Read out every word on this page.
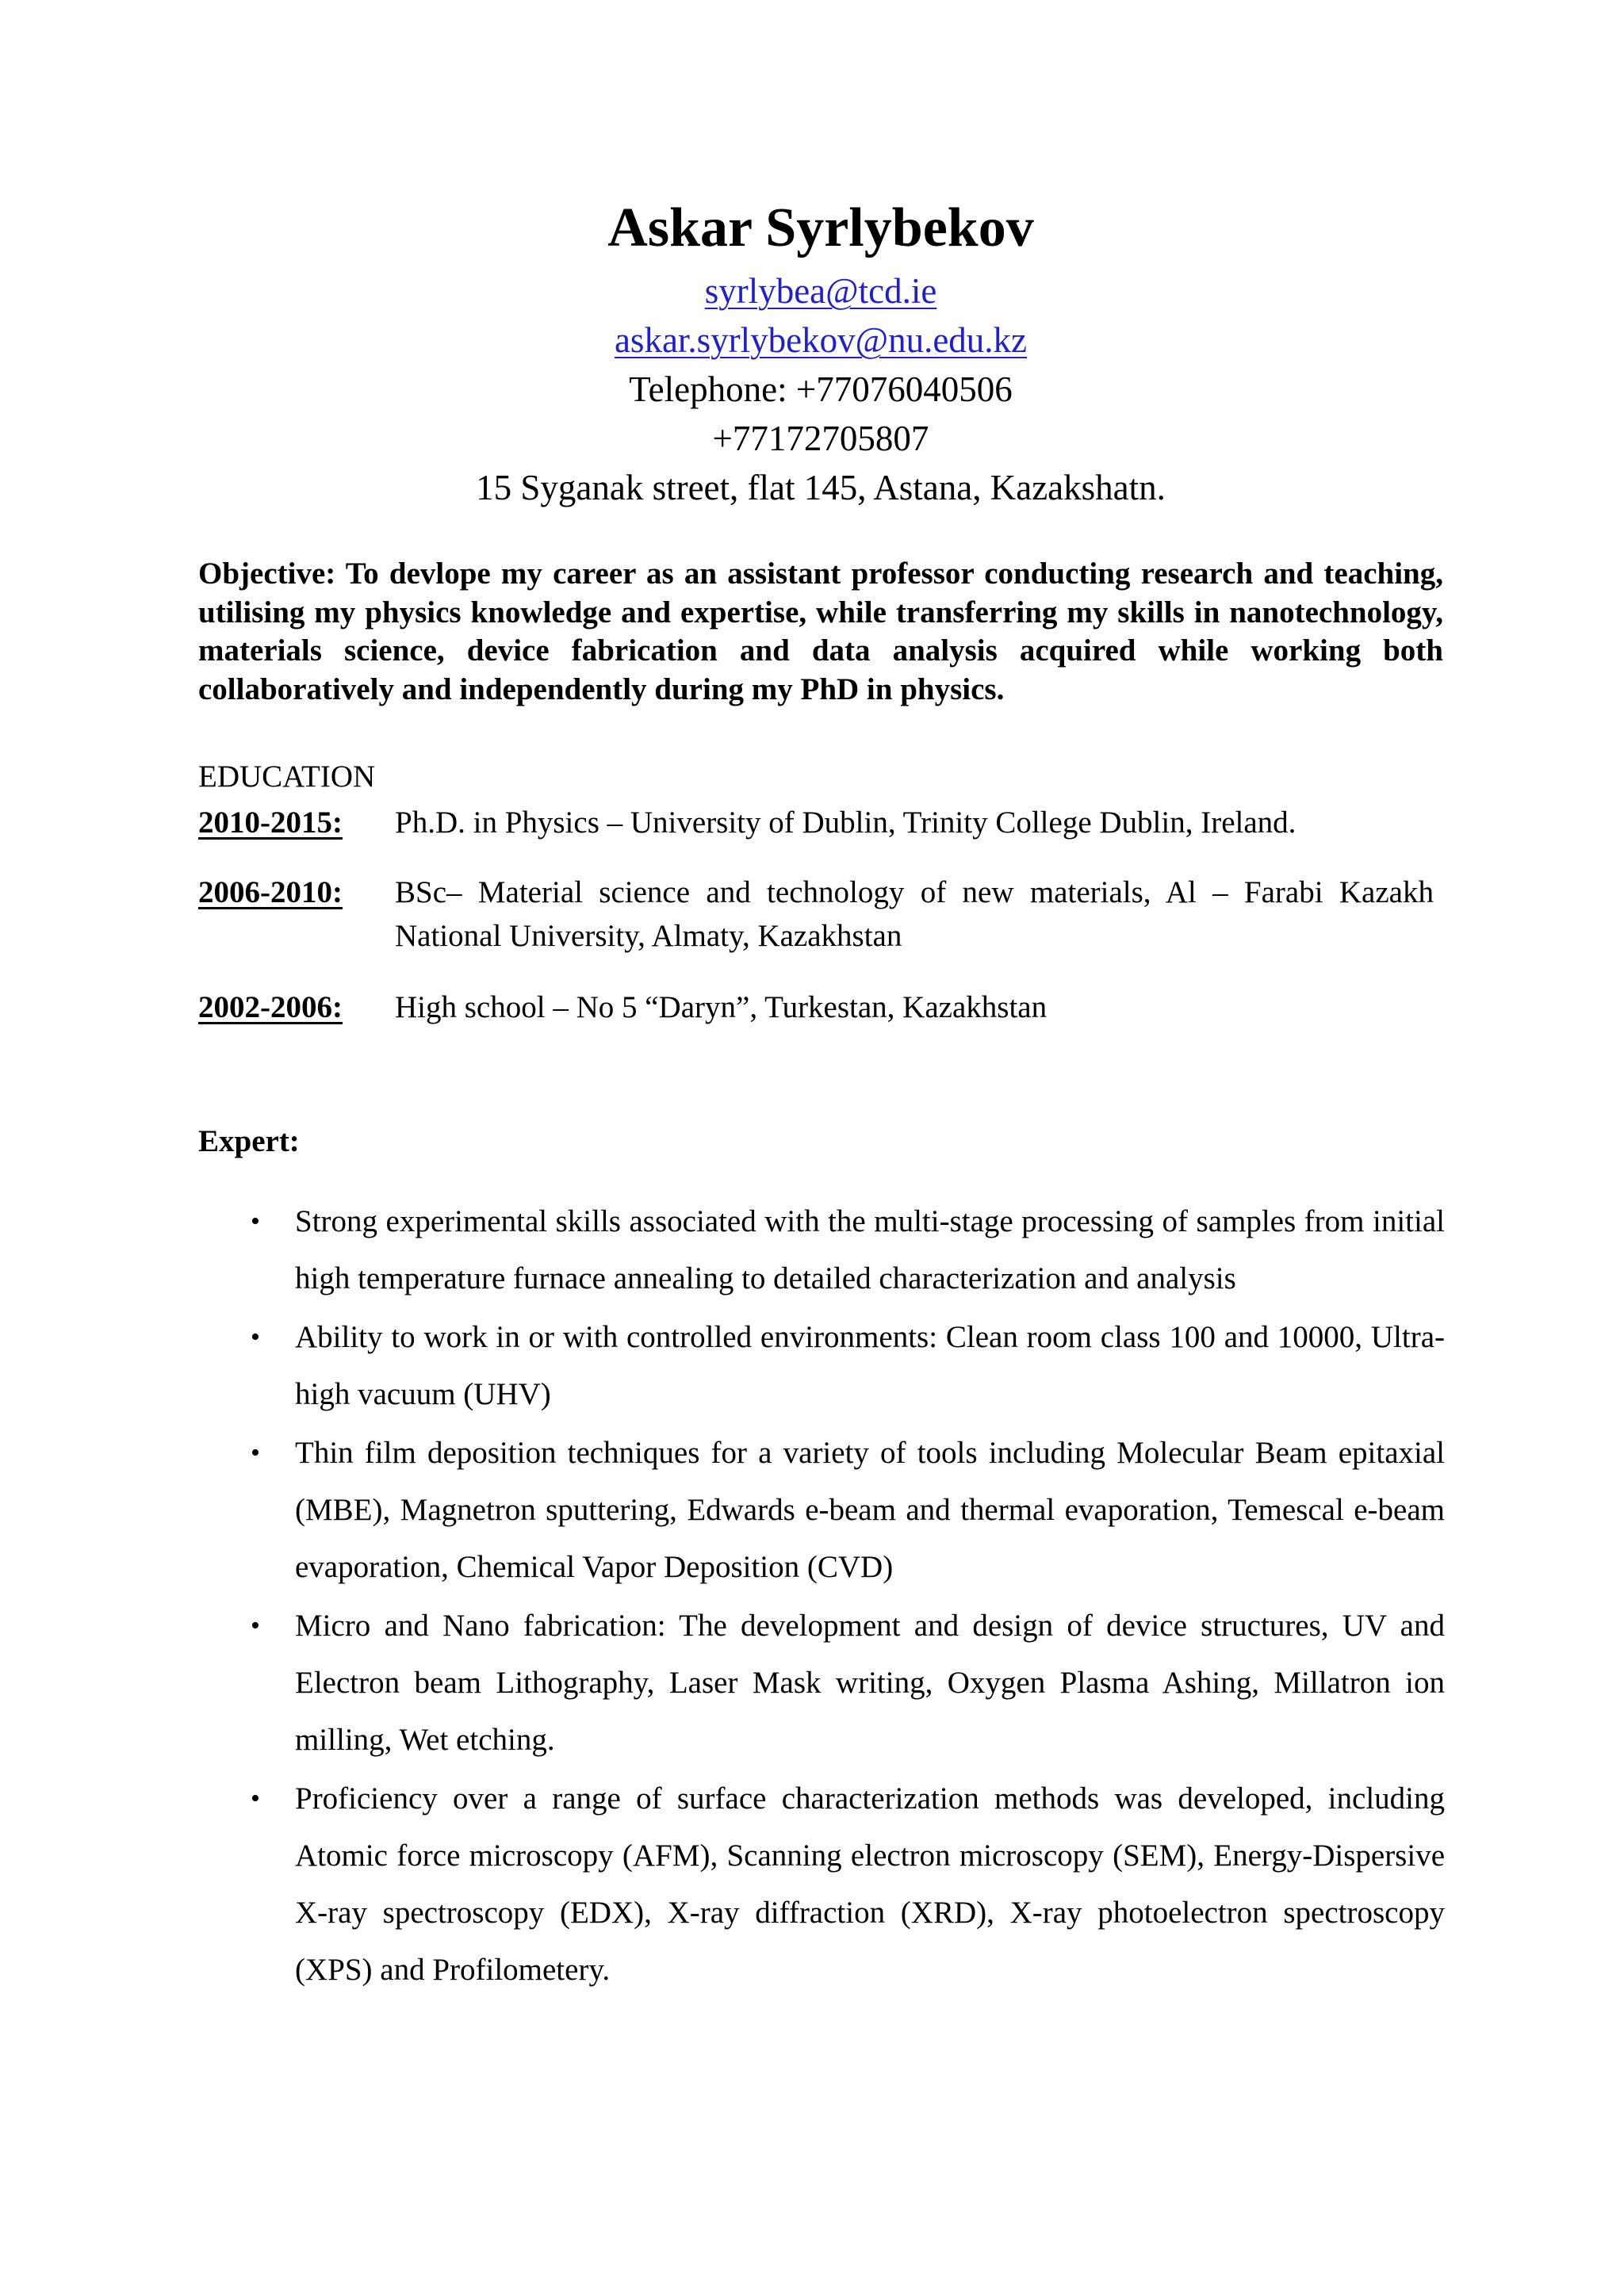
Askar Syrlybekov

syrlybea@tcd.ie

askar.syrlybekov@nu.edu.kz

Telephone: +77076040506

+77172705807

15 Syganak street, flat 145, Astana, Kazakshatn.

Objective: To devlope my career as an assistant professor conducting research and teaching, utilising my physics knowledge and expertise, while transferring my skills in nanotechnology, materials science, device fabrication and data analysis acquired while working both collaboratively and independently during my PhD in physics.

EDUCATION

2010-2015: Ph.D. in Physics – University of Dublin, Trinity College Dublin, Ireland.
2006-2010: BSc– Material science and technology of new materials, Al – Farabi Kazakh National University, Almaty, Kazakhstan
2002-2006: High school – No 5 “Daryn”, Turkestan, Kazakhstan

Expert:

• Strong experimental skills associated with the multi-stage processing of samples from initial high temperature furnace annealing to detailed characterization and analysis
• Ability to work in or with controlled environments: Clean room class 100 and 10000, Ultra-high vacuum (UHV)
• Thin film deposition techniques for a variety of tools including Molecular Beam epitaxial (MBE), Magnetron sputtering, Edwards e-beam and thermal evaporation, Temescal e-beam evaporation, Chemical Vapor Deposition (CVD)
• Micro and Nano fabrication: The development and design of device structures, UV and Electron beam Lithography, Laser Mask writing, Oxygen Plasma Ashing, Millatron ion milling, Wet etching.
• Proficiency over a range of surface characterization methods was developed, including Atomic force microscopy (AFM), Scanning electron microscopy (SEM), Energy-Dispersive X-ray spectroscopy (EDX), X-ray diffraction (XRD), X-ray photoelectron spectroscopy (XPS) and Profilometery.
